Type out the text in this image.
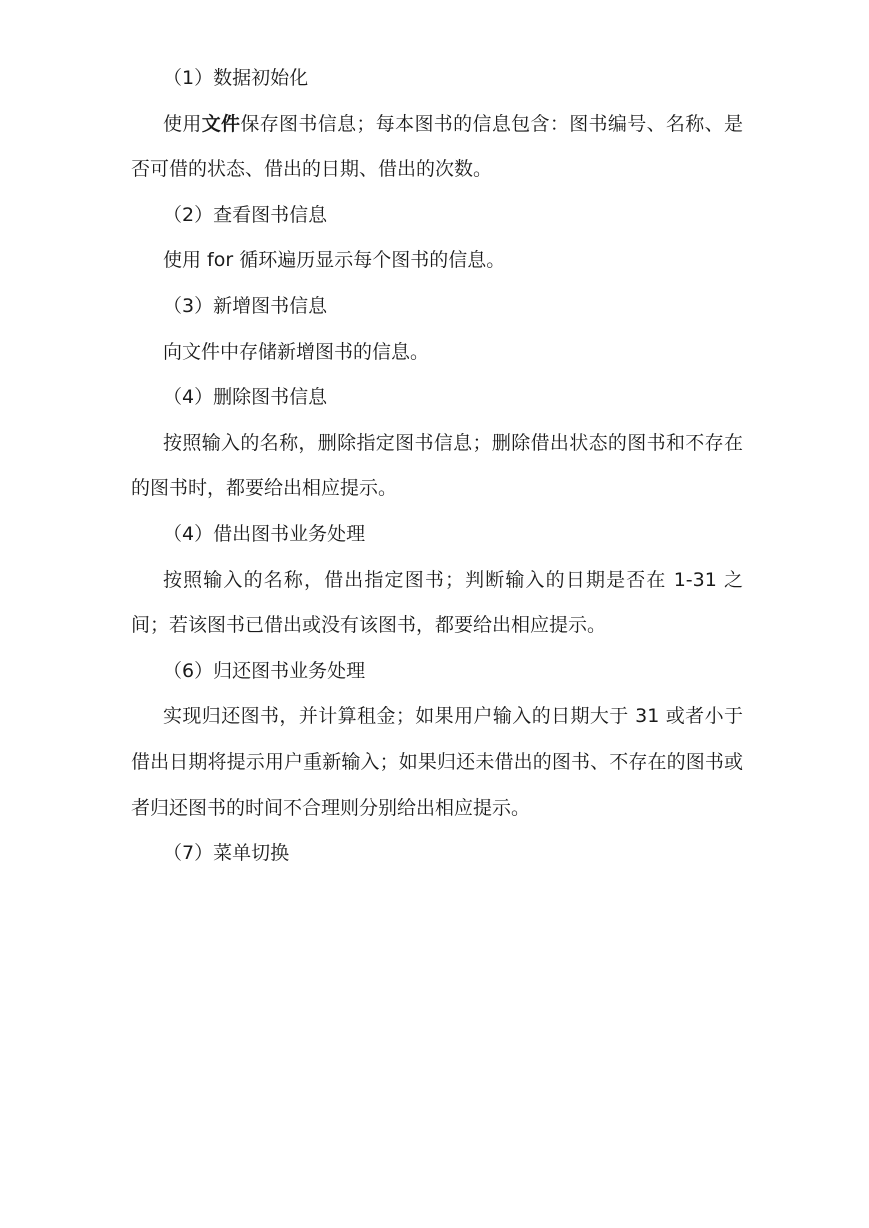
（1）数据初始化

使用文件保存图书信息；每本图书的信息包含：图书编号、名称、是否可借的状态、借出的日期、借出的次数。

（2）查看图书信息

使用 for 循环遍历显示每个图书的信息。

（3）新增图书信息

向文件中存储新增图书的信息。

（4）删除图书信息

按照输入的名称，删除指定图书信息；删除借出状态的图书和不存在的图书时，都要给出相应提示。

（4）借出图书业务处理

按照输入的名称，借出指定图书；判断输入的日期是否在 1-31 之间；若该图书已借出或没有该图书，都要给出相应提示。

（6）归还图书业务处理

实现归还图书，并计算租金；如果用户输入的日期大于 31 或者小于借出日期将提示用户重新输入；如果归还未借出的图书、不存在的图书或者归还图书的时间不合理则分别给出相应提示。

（7）菜单切换
